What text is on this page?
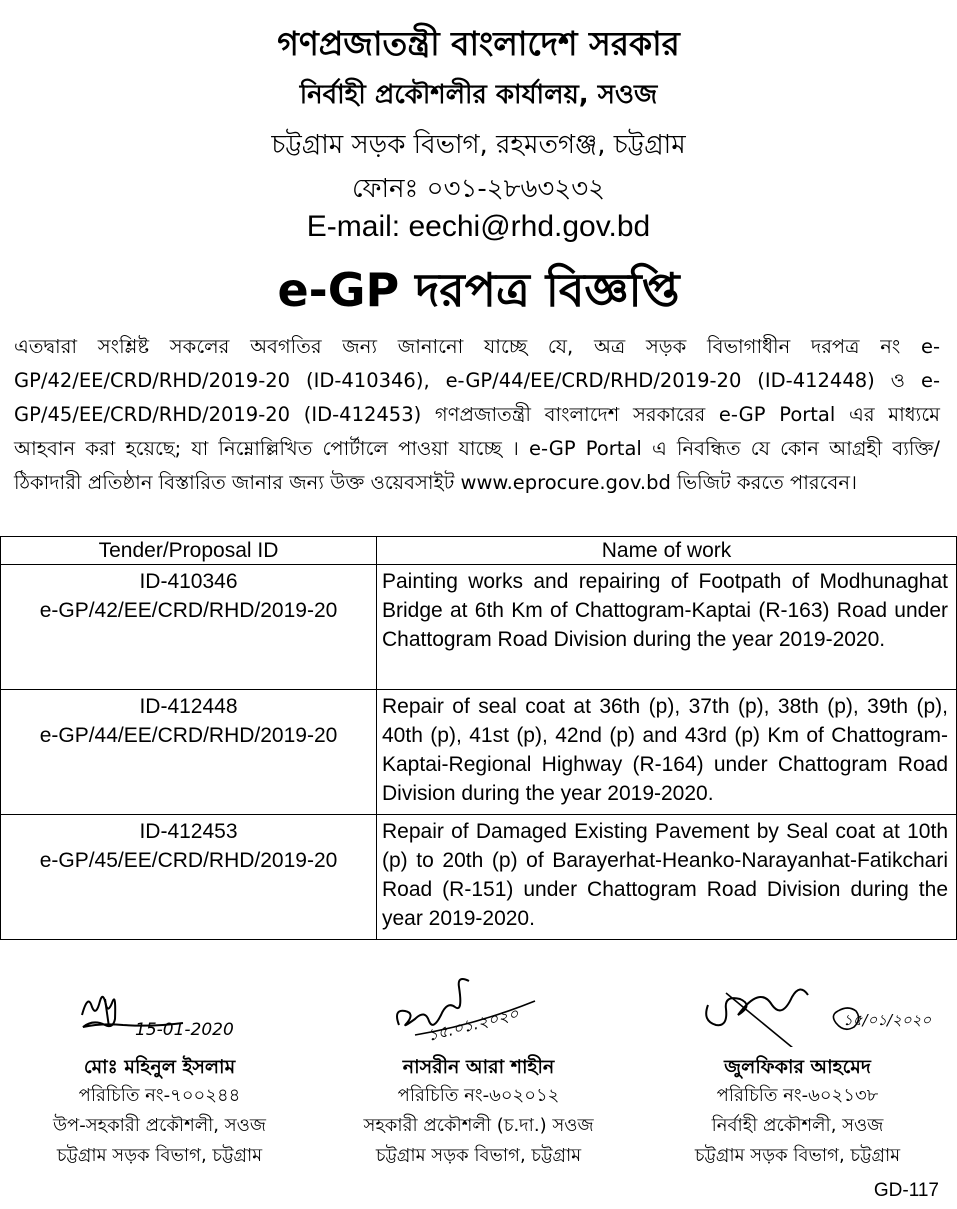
গণপ্রজাতন্ত্রী বাংলাদেশ সরকার
নির্বাহী প্রকৌশলীর কার্যালয়, সওজ
চট্টগ্রাম সড়ক বিভাগ, রহমতগঞ্জ, চট্টগ্রাম
ফোনঃ ০৩১-২৮৬৩২৩২
E-mail: eechi@rhd.gov.bd
e-GP দরপত্র বিজ্ঞপ্তি
এতদ্বারা সংশ্লিষ্ট সকলের অবগতির জন্য জানানো যাচ্ছে যে, অত্র সড়ক বিভাগাধীন দরপত্র নং e-GP/42/EE/CRD/RHD/2019-20 (ID-410346), e-GP/44/EE/CRD/RHD/2019-20 (ID-412448) ও e-GP/45/EE/CRD/RHD/2019-20 (ID-412453) গণপ্রজাতন্ত্রী বাংলাদেশ সরকারের e-GP Portal এর মাধ্যমে আহবান করা হয়েছে; যা নিম্নোল্লিখিত পোর্টালে পাওয়া যাচ্ছে । e-GP Portal এ নিবন্ধিত যে কোন আগ্রহী ব্যক্তি/ঠিকাদারী প্রতিষ্ঠান বিস্তারিত জানার জন্য উক্ত ওয়েবসাইট www.eprocure.gov.bd ভিজিট করতে পারবেন।
Tender/Proposal ID	Name of work

ID-410346
e-GP/42/EE/CRD/RHD/2019-20	Painting works and repairing of Footpath of Modhunaghat Bridge at 6th Km of Chattogram-Kaptai (R-163) Road under Chattogram Road Division during the year 2019-2020.

ID-412448
e-GP/44/EE/CRD/RHD/2019-20	Repair of seal coat at 36th (p), 37th (p), 38th (p), 39th (p), 40th (p), 41st (p), 42nd (p) and 43rd (p) Km of Chattogram-Kaptai-Regional Highway (R-164) under Chattogram Road Division during the year 2019-2020.

ID-412453
e-GP/45/EE/CRD/RHD/2019-20	Repair of Damaged Existing Pavement by Seal coat at 10th (p) to 20th (p) of Barayerhat-Heanko-Narayanhat-Fatikchari Road (R-151) under Chattogram Road Division during the year 2019-2020.
15-01-2020
মোঃ মহিনুল ইসলাম
পরিচিতি নং-৭০০২৪৪
উপ-সহকারী প্রকৌশলী, সওজ
চট্টগ্রাম সড়ক বিভাগ, চট্টগ্রাম
১৫.০১.২০২০
নাসরীন আরা শাহীন
পরিচিতি নং-৬০২০১২
সহকারী প্রকৌশলী (চ.দা.) সওজ
চট্টগ্রাম সড়ক বিভাগ, চট্টগ্রাম
১৫/০১/২০২০
জুলফিকার আহমেদ
পরিচিতি নং-৬০২১৩৮
নির্বাহী প্রকৌশলী, সওজ
চট্টগ্রাম সড়ক বিভাগ, চট্টগ্রাম
GD-117
